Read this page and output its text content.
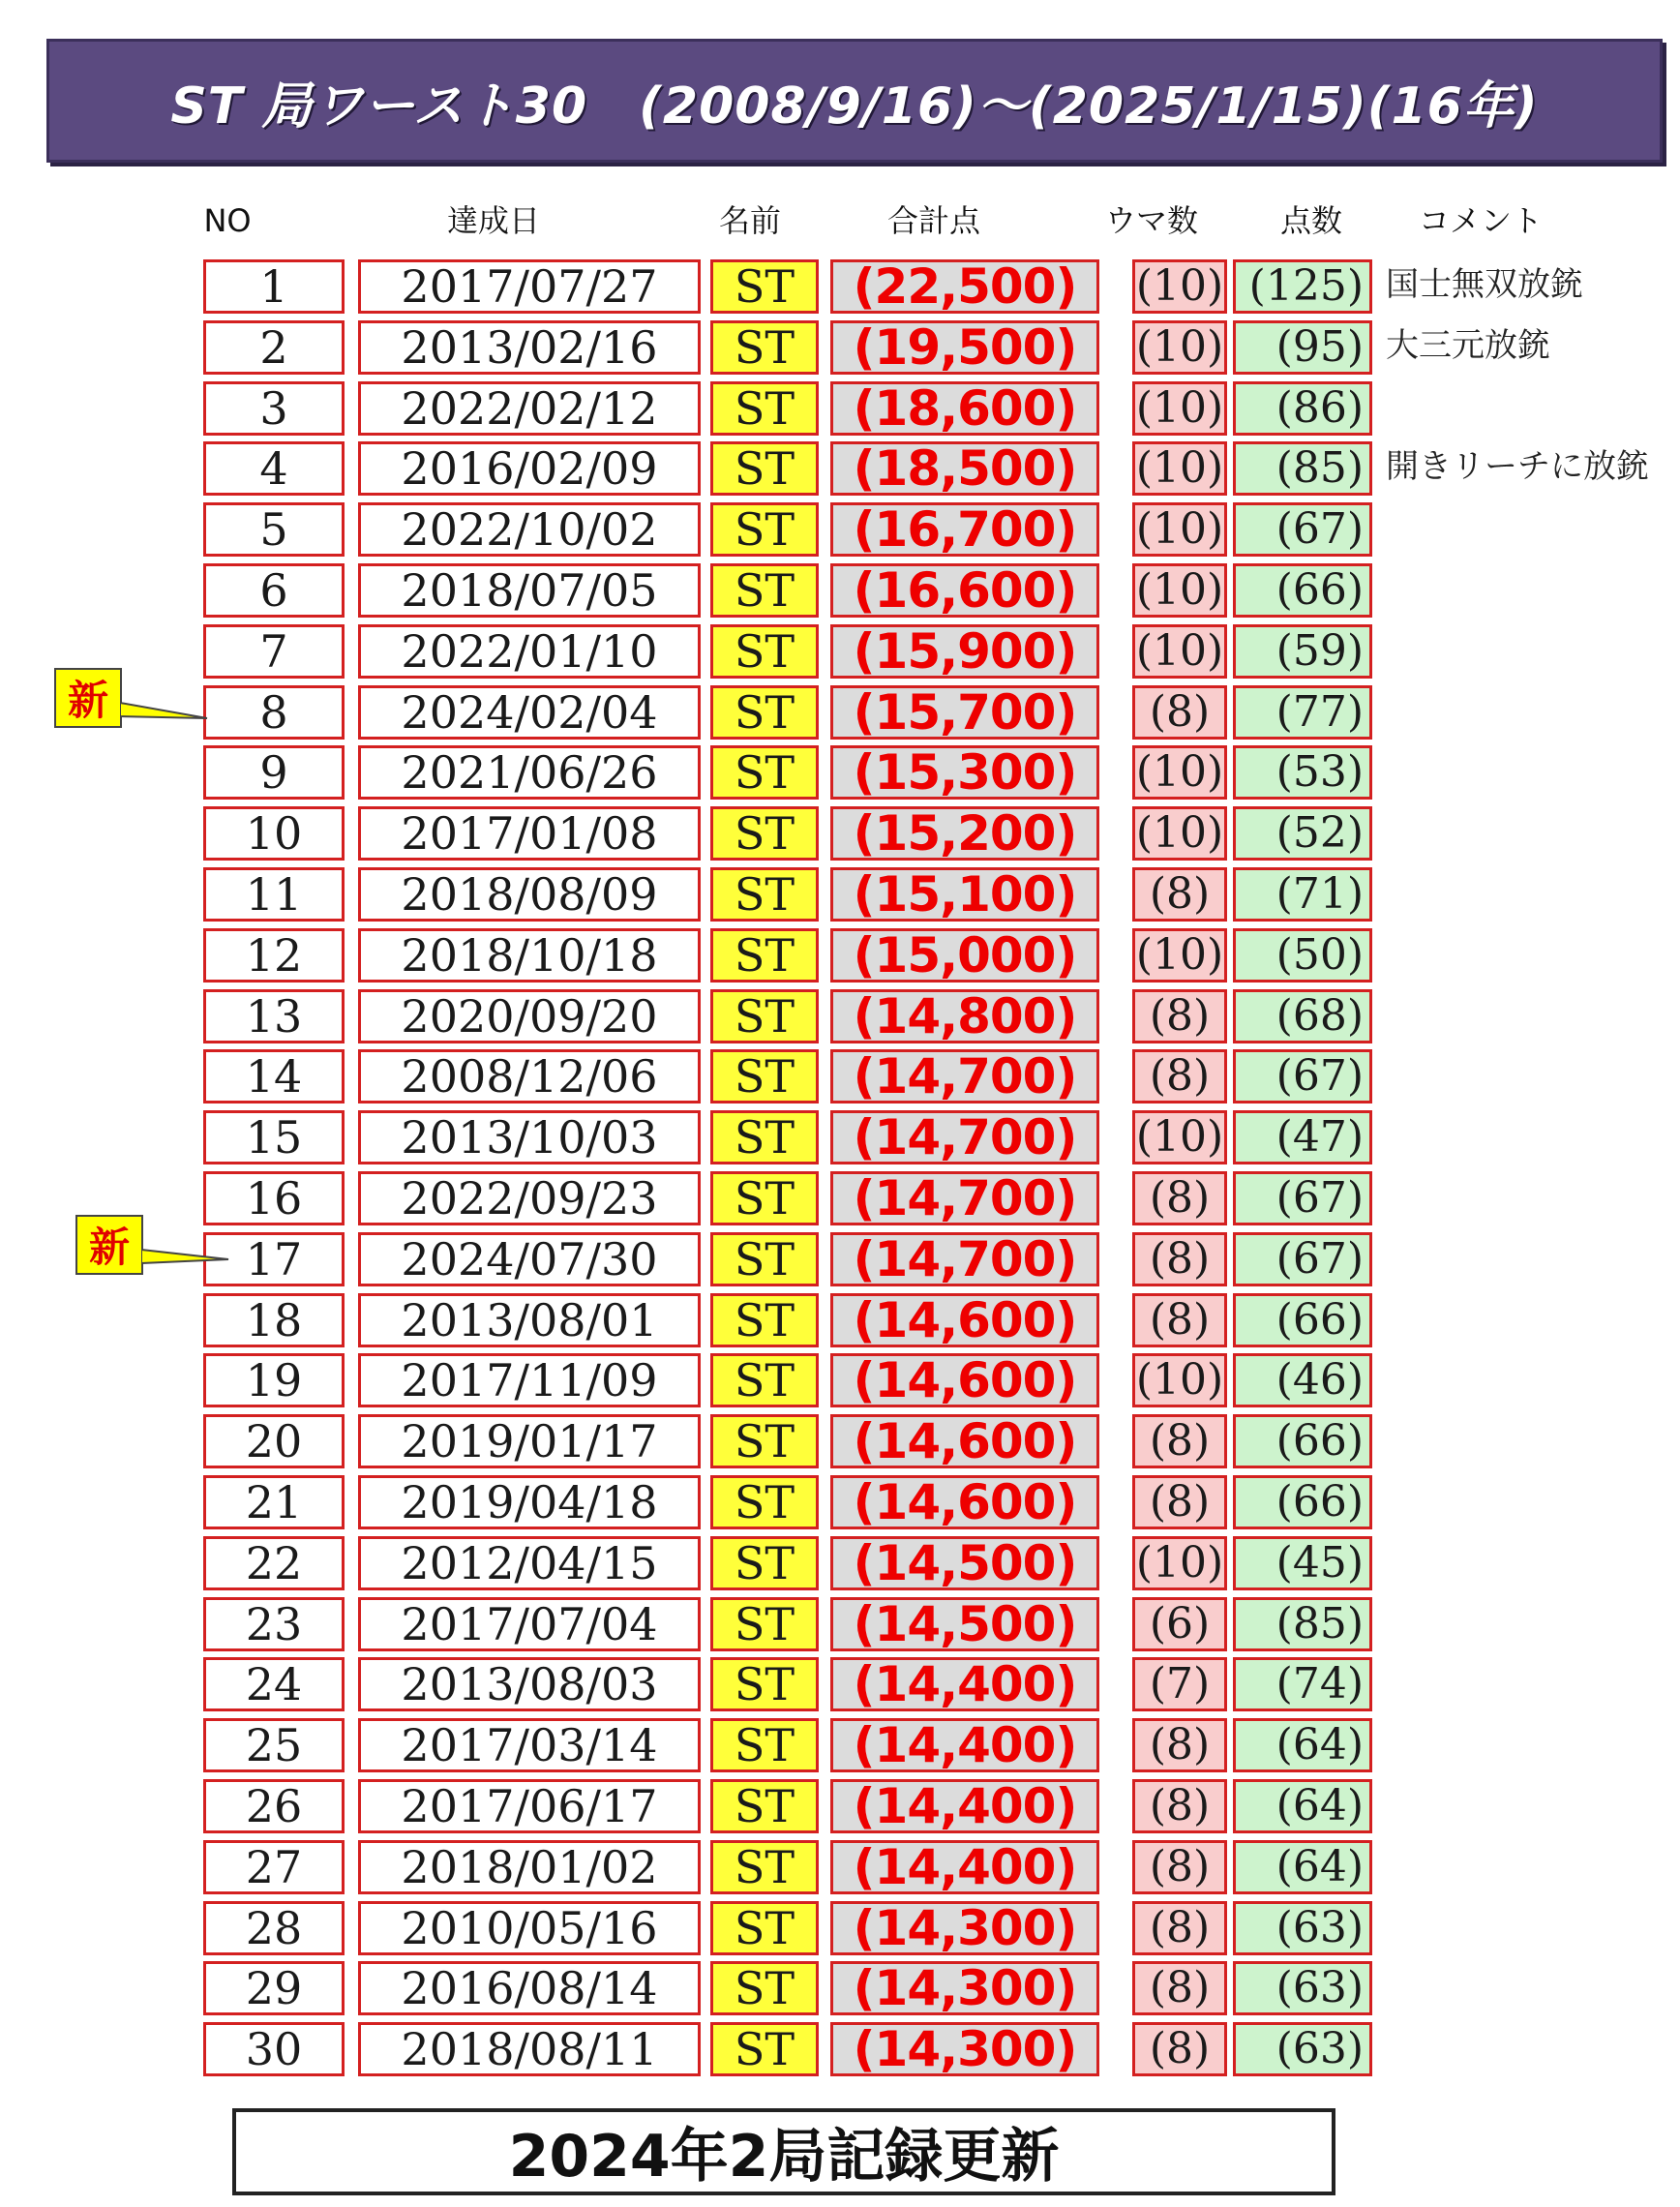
ST 局ワースト30　(2008/9/16)～(2025/1/15)(16年)
NO	達成日	名前	合計点	ウマ数	点数	コメント
1	2017/07/27	ST	(22,500)	(10) (125) 国士無双放銃
2	2013/02/16	ST	(19,500)	(10)	(95) 大三元放銃
3	2022/02/12	ST	(18,600)	(10)	(86)
4	2016/02/09	ST	(18,500)	(10)	(85) 開きリーチに放銃
5	2022/10/02	ST	(16,700)	(10)	(67)
6	2018/07/05	ST	(16,600)	(10)	(66)
7	2022/01/10	ST	(15,900)	(10)	(59)
8	2024/02/04	ST	(15,700)	(8)	(77)
9	2021/06/26	ST	(15,300)	(10)	(53)
10	2017/01/08	ST	(15,200)	(10)	(52)
11	2018/08/09	ST	(15,100)	(8)	(71)
12	2018/10/18	ST	(15,000)	(10)	(50)
13	2020/09/20	ST	(14,800)	(8)	(68)
14	2008/12/06	ST	(14,700)	(8)	(67)
15	2013/10/03	ST	(14,700)	(10)	(47)
16	2022/09/23	ST	(14,700)	(8)	(67)
17	2024/07/30	ST	(14,700)	(8)	(67)
18	2013/08/01	ST	(14,600)	(8)	(66)
19	2017/11/09	ST	(14,600)	(10)	(46)
20	2019/01/17	ST	(14,600)	(8)	(66)
21	2019/04/18	ST	(14,600)	(8)	(66)
22	2012/04/15	ST	(14,500)	(10)	(45)
23	2017/07/04	ST	(14,500)	(6)	(85)
24	2013/08/03	ST	(14,400)	(7)	(74)
25	2017/03/14	ST	(14,400)	(8)	(64)
26	2017/06/17	ST	(14,400)	(8)	(64)
27	2018/01/02	ST	(14,400)	(8)	(64)
28	2010/05/16	ST	(14,300)	(8)	(63)
29	2016/08/14	ST	(14,300)	(8)	(63)
30	2018/08/11	ST	(14,300)	(8)	(63)
新
新
2024年2局記録更新
